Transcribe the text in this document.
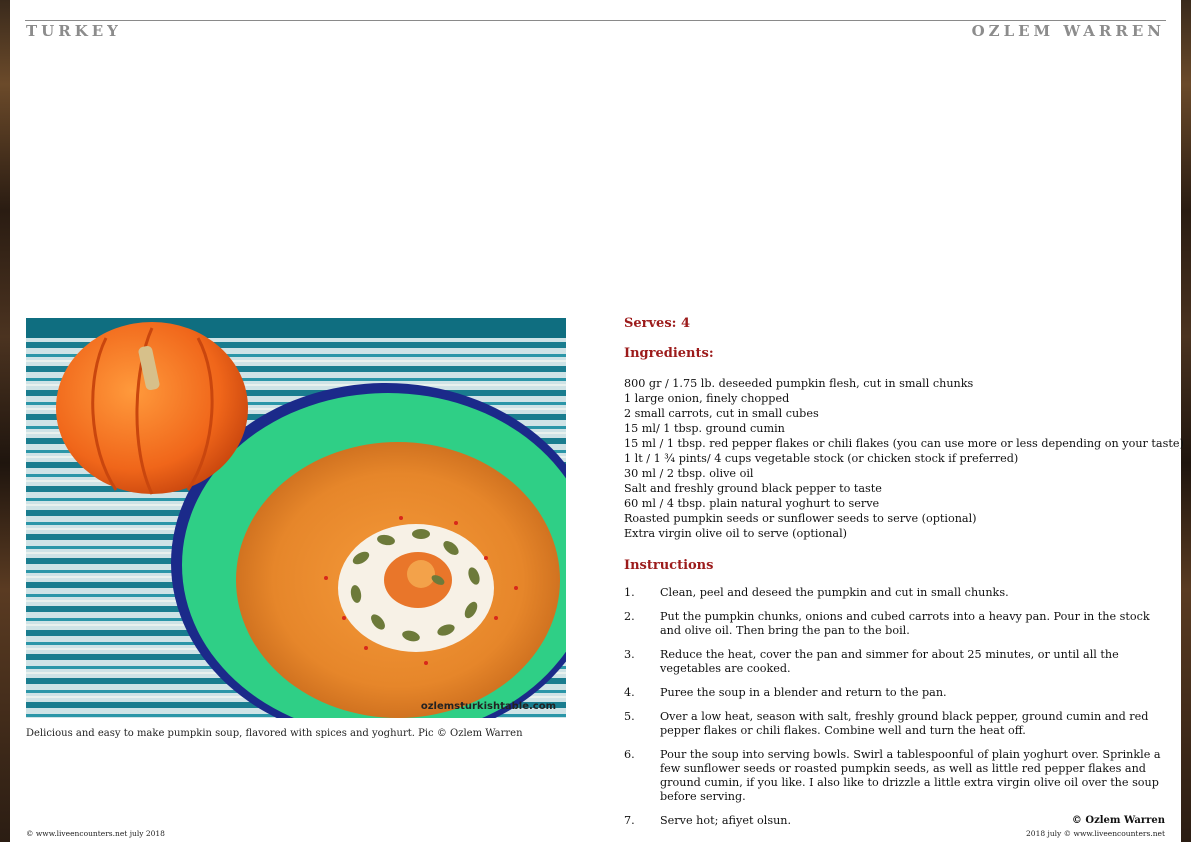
TURKEY	OZLEM WARREN
ozlemsturkishtable.com
Delicious and easy to make pumpkin soup, flavored with spices and yoghurt. Pic © Ozlem Warren

Serves: 4

Ingredients:

800 gr / 1.75 lb. deseeded pumpkin flesh, cut in small chunks
1 large onion, finely chopped
2 small carrots, cut in small cubes
15 ml/ 1 tbsp. ground cumin
15 ml / 1 tbsp. red pepper flakes or chili flakes (you can use more or less depending on your taste)
1 lt / 1 ¾ pints/ 4 cups vegetable stock (or chicken stock if preferred)
30 ml / 2 tbsp. olive oil
Salt and freshly ground black pepper to taste
60 ml / 4 tbsp. plain natural yoghurt to serve
Roasted pumpkin seeds or sunflower seeds to serve (optional)
Extra virgin olive oil to serve (optional)

Instructions

1.	Clean, peel and deseed the pumpkin and cut in small chunks.
2.	Put the pumpkin chunks, onions and cubed carrots into a heavy pan. Pour in the stock and olive oil. Then bring the pan to the boil.
3.	Reduce the heat, cover the pan and simmer for about 25 minutes, or until all the vegetables are cooked.
4.	Puree the soup in a blender and return to the pan.
5.	Over a low heat, season with salt, freshly ground black pepper, ground cumin and red pepper flakes or chili flakes. Combine well and turn the heat off.
6.	Pour the soup into serving bowls. Swirl a tablespoonful of plain yoghurt over. Sprinkle a few sunflower seeds or roasted pumpkin seeds, as well as little red pepper flakes and ground cumin, if you like. I also like to drizzle a little extra virgin olive oil over the soup before serving.
7.	Serve hot; afiyet olsun.	© Ozlem Warren
© www.liveencounters.net july 2018	2018 july © www.liveencounters.net
